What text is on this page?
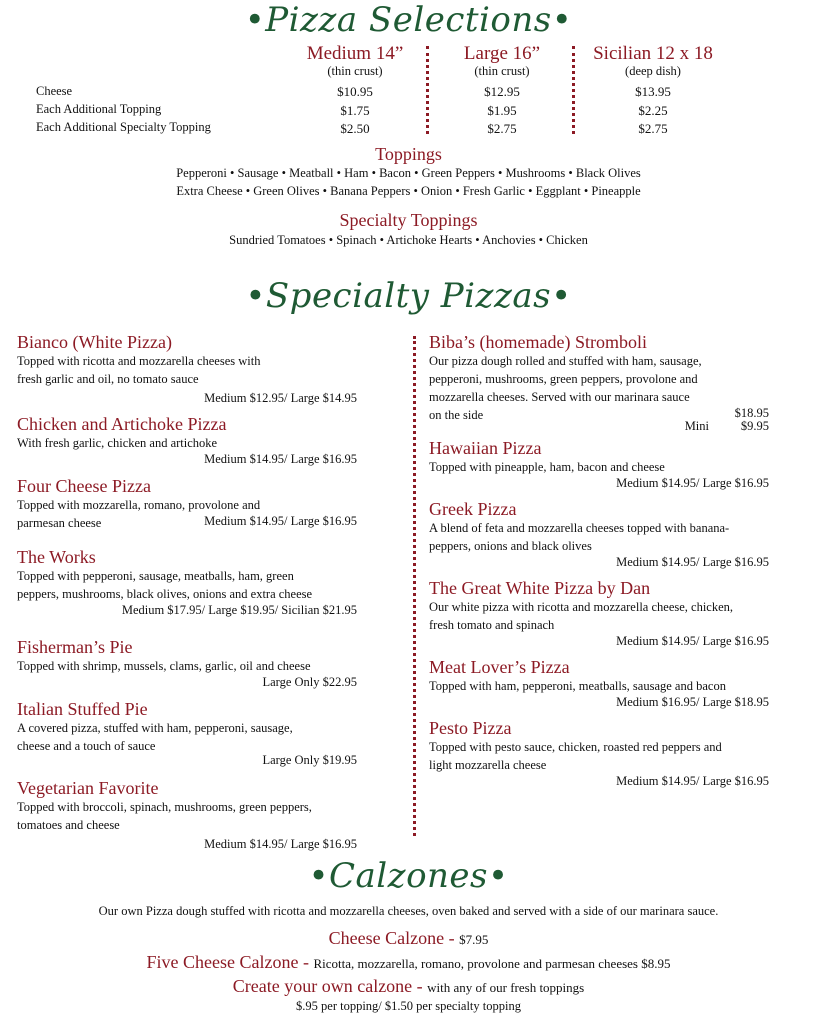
•Pizza Selections•
Medium 14”
(thin crust)
Large 16”
(thin crust)
Sicilian 12 x 18
(deep dish)
Cheese	$10.95	$12.95	$13.95
Each Additional Topping	$1.75	$1.95	$2.25
Each Additional Specialty Topping	$2.50	$2.75	$2.75
Toppings
Pepperoni • Sausage • Meatball • Ham • Bacon • Green Peppers • Mushrooms • Black Olives
Extra Cheese • Green Olives • Banana Peppers • Onion • Fresh Garlic • Eggplant • Pineapple
Specialty Toppings
Sundried Tomatoes • Spinach • Artichoke Hearts • Anchovies • Chicken
•Specialty Pizzas•
Bianco (White Pizza)
Topped with ricotta and mozzarella cheeses with
fresh garlic and oil, no tomato sauce
Medium $12.95/ Large $14.95
Chicken and Artichoke Pizza
With fresh garlic, chicken and artichoke
Medium $14.95/ Large $16.95
Four Cheese Pizza
Topped with mozzarella, romano, provolone and
parmesan cheese	Medium $14.95/ Large $16.95
The Works
Topped with pepperoni, sausage, meatballs, ham, green
peppers, mushrooms, black olives, onions and extra cheese
Medium $17.95/ Large $19.95/ Sicilian $21.95
Fisherman’s Pie
Topped with shrimp, mussels, clams, garlic, oil and cheese
Large Only $22.95
Italian Stuffed Pie
A covered pizza, stuffed with ham, pepperoni, sausage,
cheese and a touch of sauce
Large Only $19.95
Vegetarian Favorite
Topped with broccoli, spinach, mushrooms, green peppers,
tomatoes and cheese
Medium $14.95/ Large $16.95
Biba’s (homemade) Stromboli
Our pizza dough rolled and stuffed with ham, sausage,
pepperoni, mushrooms, green peppers, provolone and
mozzarella cheeses. Served with our marinara sauce
on the side	$18.95
Mini	$9.95
Hawaiian Pizza
Topped with pineapple, ham, bacon and cheese
Medium $14.95/ Large $16.95
Greek Pizza
A blend of feta and mozzarella cheeses topped with banana-
peppers, onions and black olives
Medium $14.95/ Large $16.95
The Great White Pizza by Dan
Our white pizza with ricotta and mozzarella cheese, chicken,
fresh tomato and spinach
Medium $14.95/ Large $16.95
Meat Lover’s Pizza
Topped with ham, pepperoni, meatballs, sausage and bacon
Medium $16.95/ Large $18.95
Pesto Pizza
Topped with pesto sauce, chicken, roasted red peppers and
light mozzarella cheese
Medium $14.95/ Large $16.95
•Calzones•
Our own Pizza dough stuffed with ricotta and mozzarella cheeses, oven baked and served with a side of our marinara sauce.
Cheese Calzone - $7.95
Five Cheese Calzone - Ricotta, mozzarella, romano, provolone and parmesan cheeses $8.95
Create your own calzone - with any of our fresh toppings
$.95 per topping/ $1.50 per specialty topping
